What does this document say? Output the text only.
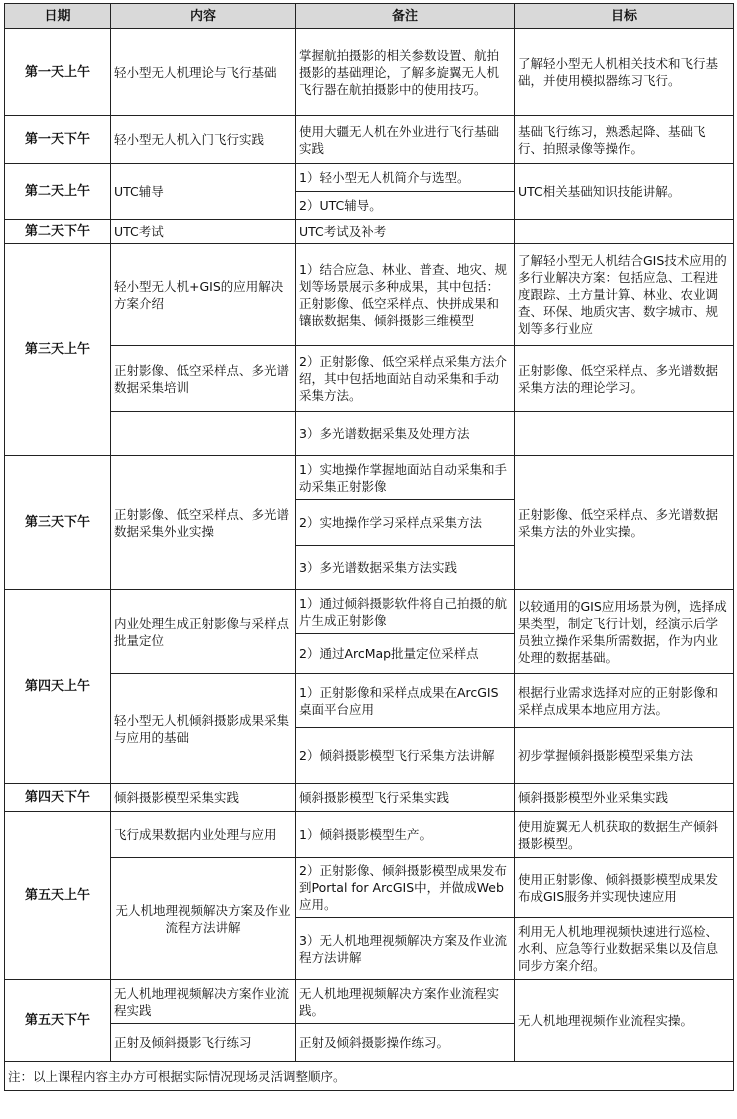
日期	内容	备注	目标
第一天上午	轻小型无人机理论与飞行基础	掌握航拍摄影的相关参数设置、航拍摄影的基础理论，了解多旋翼无人机飞行器在航拍摄影中的使用技巧。	了解轻小型无人机相关技术和飞行基础，并使用模拟器练习飞行。
第一天下午	轻小型无人机入门飞行实践	使用大疆无人机在外业进行飞行基础实践	基础飞行练习，熟悉起降、基础飞行、拍照录像等操作。
第二天上午	UTC辅导	1）轻小型无人机简介与选型。	UTC相关基础知识技能讲解。
		2）UTC辅导。	
第二天下午	UTC考试	UTC考试及补考	
第三天上午	轻小型无人机+GIS的应用解决方案介绍	1）结合应急、林业、普查、地灾、规划等场景展示多种成果，其中包括：正射影像、低空采样点、快拼成果和镶嵌数据集、倾斜摄影三维模型	了解轻小型无人机结合GIS技术应用的多行业解决方案：包括应急、工程进度跟踪、土方量计算、林业、农业调查、环保、地质灾害、数字城市、规划等多行业应
	正射影像、低空采样点、多光谱数据采集培训	2）正射影像、低空采样点采集方法介绍，其中包括地面站自动采集和手动采集方法。	正射影像、低空采样点、多光谱数据采集方法的理论学习。
		3）多光谱数据采集及处理方法	
第三天下午	正射影像、低空采样点、多光谱数据采集外业实操	1）实地操作掌握地面站自动采集和手动采集正射影像	正射影像、低空采样点、多光谱数据采集方法的外业实操。
		2）实地操作学习采样点采集方法	
		3）多光谱数据采集方法实践	
第四天上午	内业处理生成正射影像与采样点批量定位	1）通过倾斜摄影软件将自己拍摄的航片生成正射影像	以较通用的GIS应用场景为例，选择成果类型，制定飞行计划，经演示后学员独立操作采集所需数据，作为内业处理的数据基础。
		2）通过ArcMap批量定位采样点	
	轻小型无人机倾斜摄影成果采集与应用的基础	1）正射影像和采样点成果在ArcGIS桌面平台应用	根据行业需求选择对应的正射影像和采样点成果本地应用方法。
		2）倾斜摄影模型飞行采集方法讲解	初步掌握倾斜摄影模型采集方法
第四天下午	倾斜摄影模型采集实践	倾斜摄影模型飞行采集实践	倾斜摄影模型外业采集实践
第五天上午	飞行成果数据内业处理与应用	1）倾斜摄影模型生产。	使用旋翼无人机获取的数据生产倾斜摄影模型。
	无人机地理视频解决方案及作业流程方法讲解	2）正射影像、倾斜摄影模型成果发布到Portal for ArcGIS中，并做成Web应用。	使用正射影像、倾斜摄影模型成果发布成GIS服务并实现快速应用
		3）无人机地理视频解决方案及作业流程方法讲解	利用无人机地理视频快速进行巡检、水利、应急等行业数据采集以及信息同步方案介绍。
第五天下午	无人机地理视频解决方案作业流程实践	无人机地理视频解决方案作业流程实践。	无人机地理视频作业流程实操。
	正射及倾斜摄影飞行练习	正射及倾斜摄影操作练习。	
注：以上课程内容主办方可根据实际情况现场灵活调整顺序。			
